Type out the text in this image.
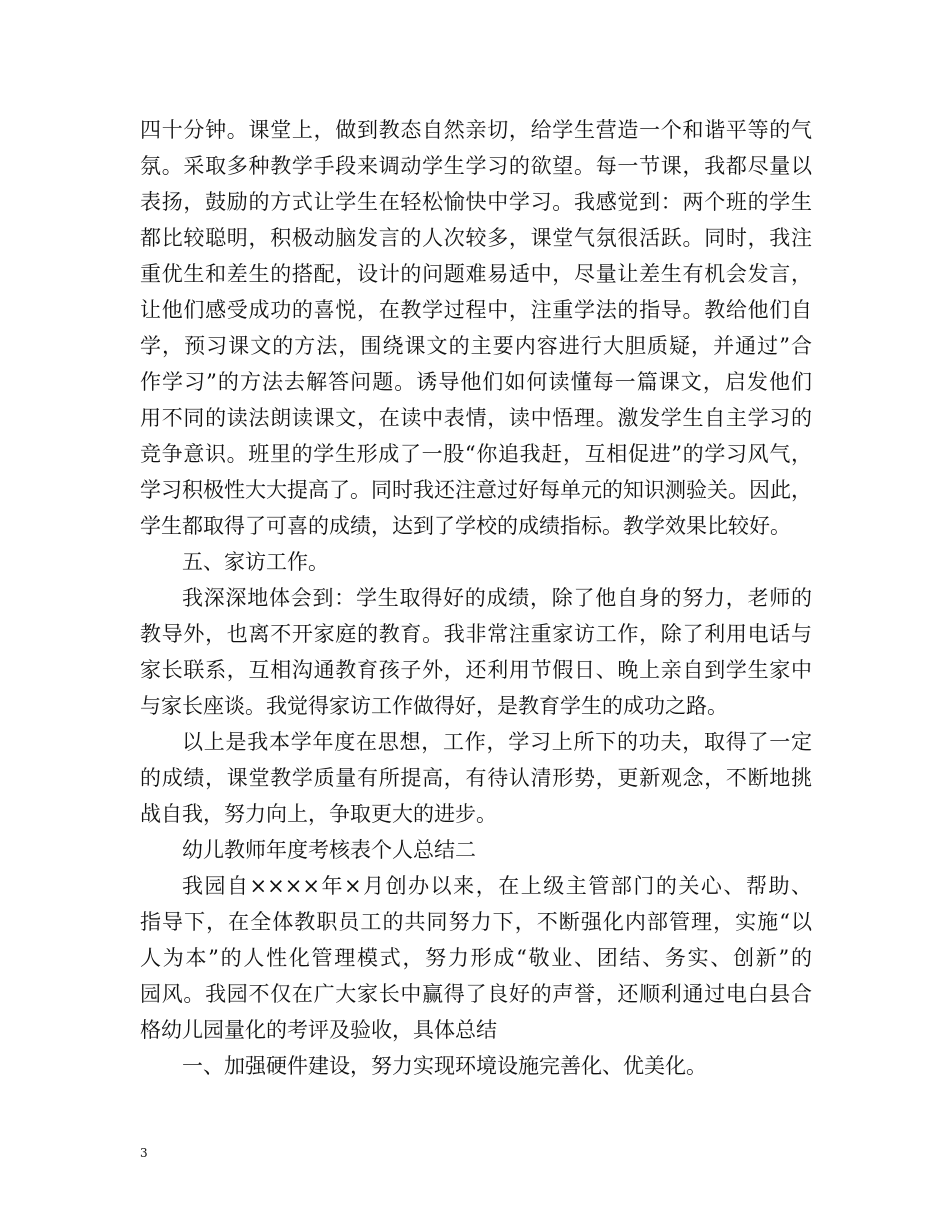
四十分钟。课堂上，做到教态自然亲切，给学生营造一个和谐平等的气
氛。采取多种教学手段来调动学生学习的欲望。每一节课，我都尽量以
表扬，鼓励的方式让学生在轻松愉快中学习。我感觉到：两个班的学生
都比较聪明，积极动脑发言的人次较多，课堂气氛很活跃。同时，我注
重优生和差生的搭配，设计的问题难易适中，尽量让差生有机会发言，
让他们感受成功的喜悦，在教学过程中，注重学法的指导。教给他们自
学，预习课文的方法，围绕课文的主要内容进行大胆质疑，并通过”合
作学习”的方法去解答问题。诱导他们如何读懂每一篇课文，启发他们
用不同的读法朗读课文，在读中表情，读中悟理。激发学生自主学习的
竞争意识。班里的学生形成了一股“你追我赶，互相促进”的学习风气，
学习积极性大大提高了。同时我还注意过好每单元的知识测验关。因此，
学生都取得了可喜的成绩，达到了学校的成绩指标。教学效果比较好。
五、家访工作。
我深深地体会到：学生取得好的成绩，除了他自身的努力，老师的
教导外，也离不开家庭的教育。我非常注重家访工作，除了利用电话与
家长联系，互相沟通教育孩子外，还利用节假日、晚上亲自到学生家中
与家长座谈。我觉得家访工作做得好，是教育学生的成功之路。
以上是我本学年度在思想，工作，学习上所下的功夫，取得了一定
的成绩，课堂教学质量有所提高，有待认清形势，更新观念，不断地挑
战自我，努力向上，争取更大的进步。
幼儿教师年度考核表个人总结二
我园自××××年×月创办以来，在上级主管部门的关心、帮助、
指导下，在全体教职员工的共同努力下，不断强化内部管理，实施“以
人为本”的人性化管理模式，努力形成“敬业、团结、务实、创新”的
园风。我园不仅在广大家长中赢得了良好的声誉，还顺利通过电白县合
格幼儿园量化的考评及验收，具体总结
一、加强硬件建设，努力实现环境设施完善化、优美化。
3
